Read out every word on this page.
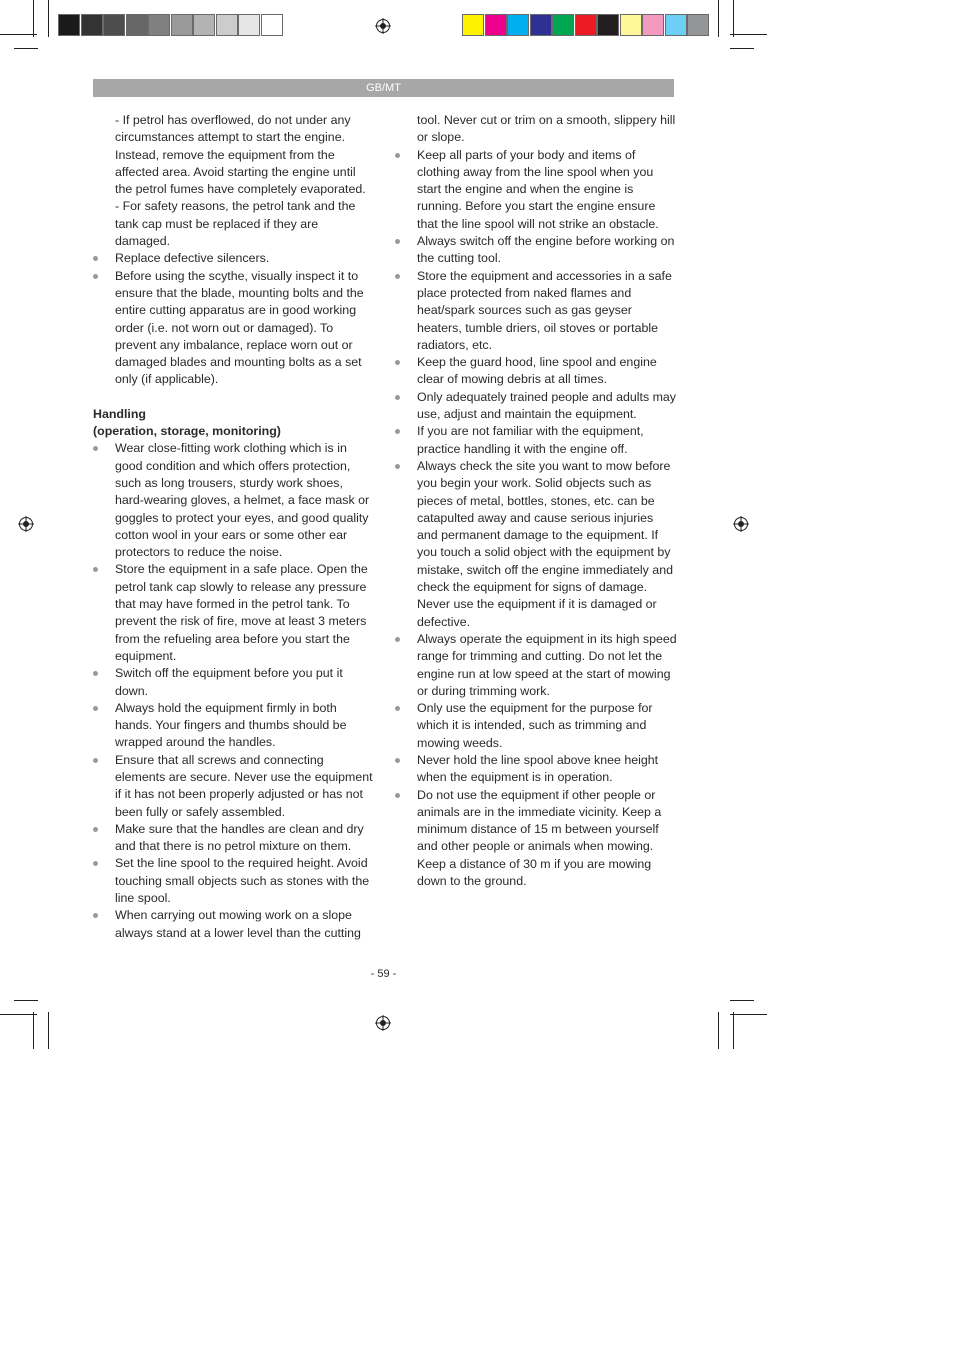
GB/MT

- If petrol has overflowed, do not under any circumstances attempt to start the engine. Instead, remove the equipment from the affected area. Avoid starting the engine until the petrol fumes have completely evaporated.

- For safety reasons, the petrol tank and the tank cap must be replaced if they are damaged.

Replace defective silencers.
Before using the scythe, visually inspect it to ensure that the blade, mounting bolts and the entire cutting apparatus are in good working order (i.e. not worn out or damaged). To prevent any imbalance, replace worn out or damaged blades and mounting bolts as a set only (if applicable).
Handling
(operation, storage, monitoring)
Wear close-fitting work clothing which is in good condition and which offers protection, such as long trousers, sturdy work shoes, hard-wearing gloves, a helmet, a face mask or goggles to protect your eyes, and good quality cotton wool in your ears or some other ear protectors to reduce the noise.
Store the equipment in a safe place. Open the petrol tank cap slowly to release any pressure that may have formed in the petrol tank. To prevent the risk of fire, move at least 3 meters from the refueling area before you start the equipment.
Switch off the equipment before you put it down.
Always hold the equipment firmly in both hands. Your fingers and thumbs should be wrapped around the handles.
Ensure that all screws and connecting elements are secure. Never use the equipment if it has not been properly adjusted or has not been fully or safely assembled.
Make sure that the handles are clean and dry and that there is no petrol mixture on them.
Set the line spool to the required height. Avoid touching small objects such as stones with the line spool.
When carrying out mowing work on a slope always stand at a lower level than the cutting

tool. Never cut or trim on a smooth, slippery hill or slope.

Keep all parts of your body and items of clothing away from the line spool when you start the engine and when the engine is running. Before you start the engine ensure that the line spool will not strike an obstacle.
Always switch off the engine before working on the cutting tool.
Store the equipment and accessories in a safe place protected from naked flames and heat/spark sources such as gas geyser heaters, tumble driers, oil stoves or portable radiators, etc.
Keep the guard hood, line spool and engine clear of mowing debris at all times.
Only adequately trained people and adults may use, adjust and maintain the equipment.
If you are not familiar with the equipment, practice handling it with the engine off.
Always check the site you want to mow before you begin your work. Solid objects such as pieces of metal, bottles, stones, etc. can be catapulted away and cause serious injuries and permanent damage to the equipment. If you touch a solid object with the equipment by mistake, switch off the engine immediately and check the equipment for signs of damage. Never use the equipment if it is damaged or defective.
Always operate the equipment in its high speed range for trimming and cutting. Do not let the engine run at low speed at the start of mowing or during trimming work.
Only use the equipment for the purpose for which it is intended, such as trimming and mowing weeds.
Never hold the line spool above knee height when the equipment is in operation.
Do not use the equipment if other people or animals are in the immediate vicinity. Keep a minimum distance of 15 m between yourself and other people or animals when mowing. Keep a distance of 30 m if you are mowing down to the ground.
- 59 -
